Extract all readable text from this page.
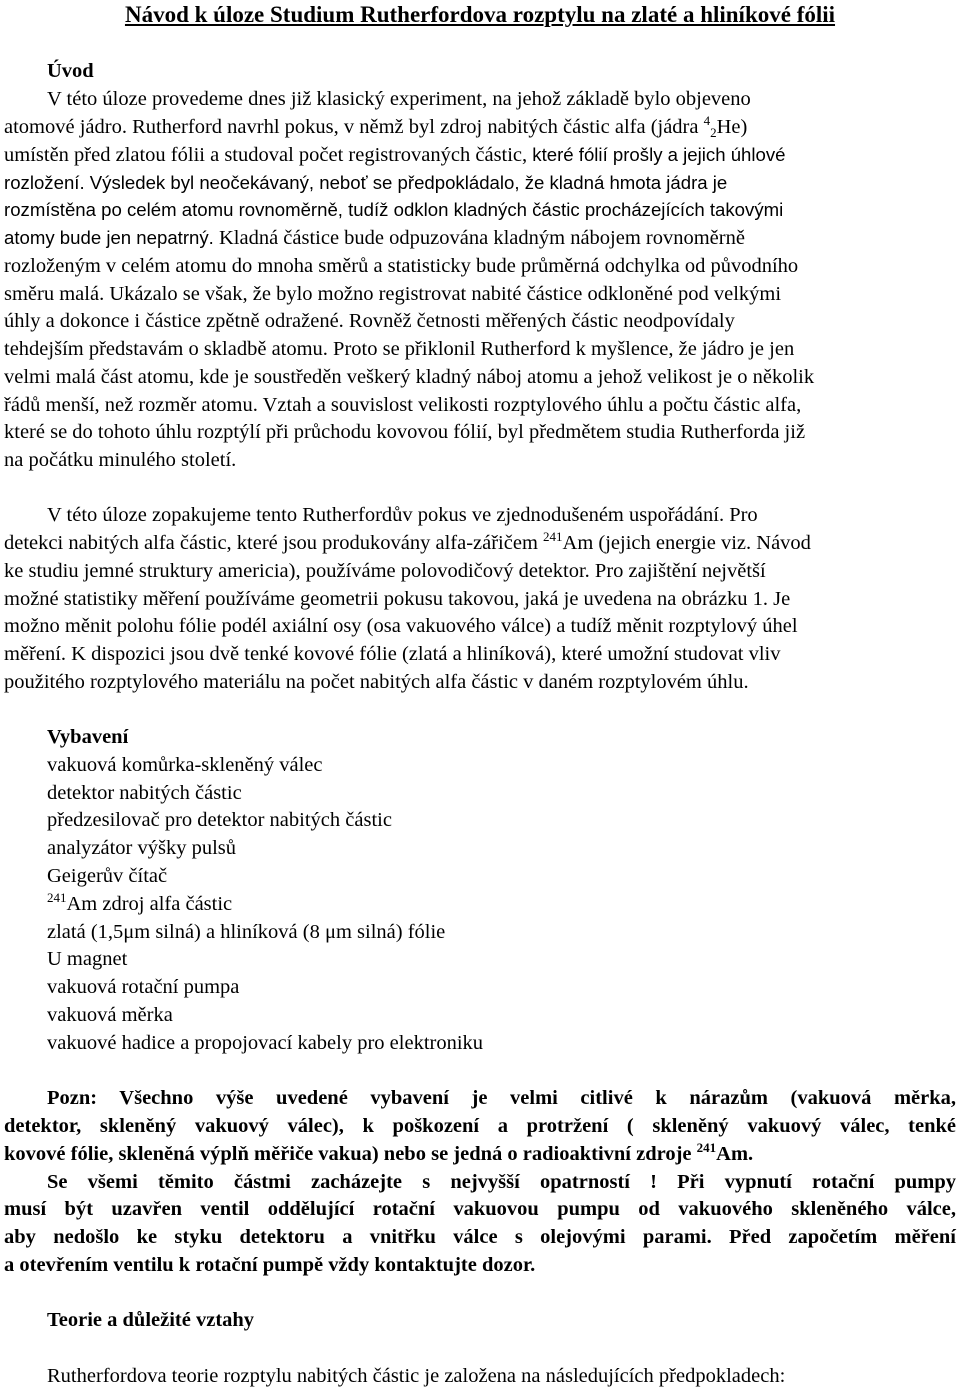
Návod k úloze Studium Rutherfordova rozptylu na zlaté a hliníkové fólii
Úvod
V této úloze provedeme dnes již klasický experiment, na jehož základě bylo objeveno
atomové jádro. Rutherford navrhl pokus, v němž byl zdroj nabitých částic alfa (jádra $^4_2$He)
umístěn před zlatou fólii a studoval počet registrovaných částic, které fólií prošly a jejich úhlové
rozložení. Výsledek byl neočekávaný, neboť se předpokládalo, že kladná hmota jádra je
rozmístěna po celém atomu rovnoměrně, tudíž odklon kladných částic procházejících takovými
atomy bude jen nepatrný. Kladná částice bude odpuzována kladným nábojem rovnoměrně
rozloženým v celém atomu do mnoha směrů a statisticky bude průměrná odchylka od původního
směru malá. Ukázalo se však, že bylo možno registrovat nabité částice odkloněné pod velkými
úhly a dokonce i částice zpětně odražené. Rovněž četnosti měřených částic neodpovídaly
tehdejším představám o skladbě atomu. Proto se přiklonil Rutherford k myšlence, že jádro je jen
velmi malá část atomu, kde je soustředěn veškerý kladný náboj atomu a jehož velikost je o několik
řádů menší, než rozměr atomu. Vztah a souvislost velikosti rozptylového úhlu a počtu částic alfa,
které se do tohoto úhlu rozptýlí při průchodu kovovou fólií, byl předmětem studia Rutherforda již
na počátku minulého století.
V této úloze zopakujeme tento Rutherfordův pokus ve zjednodušeném uspořádání. Pro
detekci nabitých alfa částic, které jsou produkovány alfa-zářičem $^{241}$Am (jejich energie viz. Návod
ke studiu jemné struktury americia), používáme polovodičový detektor. Pro zajištění největší
možné statistiky měření používáme geometrii pokusu takovou, jaká je uvedena na obrázku 1. Je
možno měnit polohu fólie podél axiální osy (osa vakuového válce) a tudíž měnit rozptylový úhel
měření. K dispozici jsou dvě tenké kovové fólie (zlatá a hliníková), které umožní studovat vliv
použitého rozptylového materiálu na počet nabitých alfa částic v daném rozptylovém úhlu.
Vybavení
vakuová komůrka-skleněný válec
detektor nabitých částic
předzesilovač pro detektor nabitých částic
analyzátor výšky pulsů
Geigerův čítač
$^{241}$Am zdroj alfa částic
zlatá (1,5μm silná) a hliníková (8 μm silná) fólie
U magnet
vakuová rotační pumpa
vakuová měrka
vakuové hadice a propojovací kabely pro elektroniku
Pozn: Všechno výše uvedené vybavení je velmi citlivé k nárazům (vakuová měrka,
detektor, skleněný vakuový válec), k poškození a protržení ( skleněný vakuový válec, tenké
kovové fólie, skleněná výplň měřiče vakua) nebo se jedná o radioaktivní zdroje $^{241}$Am.
Se všemi těmito částmi zacházejte s nejvyšší opatrností ! Při vypnutí rotační pumpy
musí být uzavřen ventil oddělující rotační vakuovou pumpu od vakuového skleněného válce,
aby nedošlo ke styku detektoru a vnitřku válce s olejovými parami. Před započetím měření
a otevřením ventilu k rotační pumpě vždy kontaktujte dozor.
Teorie a důležité vztahy
Rutherfordova teorie rozptylu nabitých částic je založena na následujících předpokladech:
